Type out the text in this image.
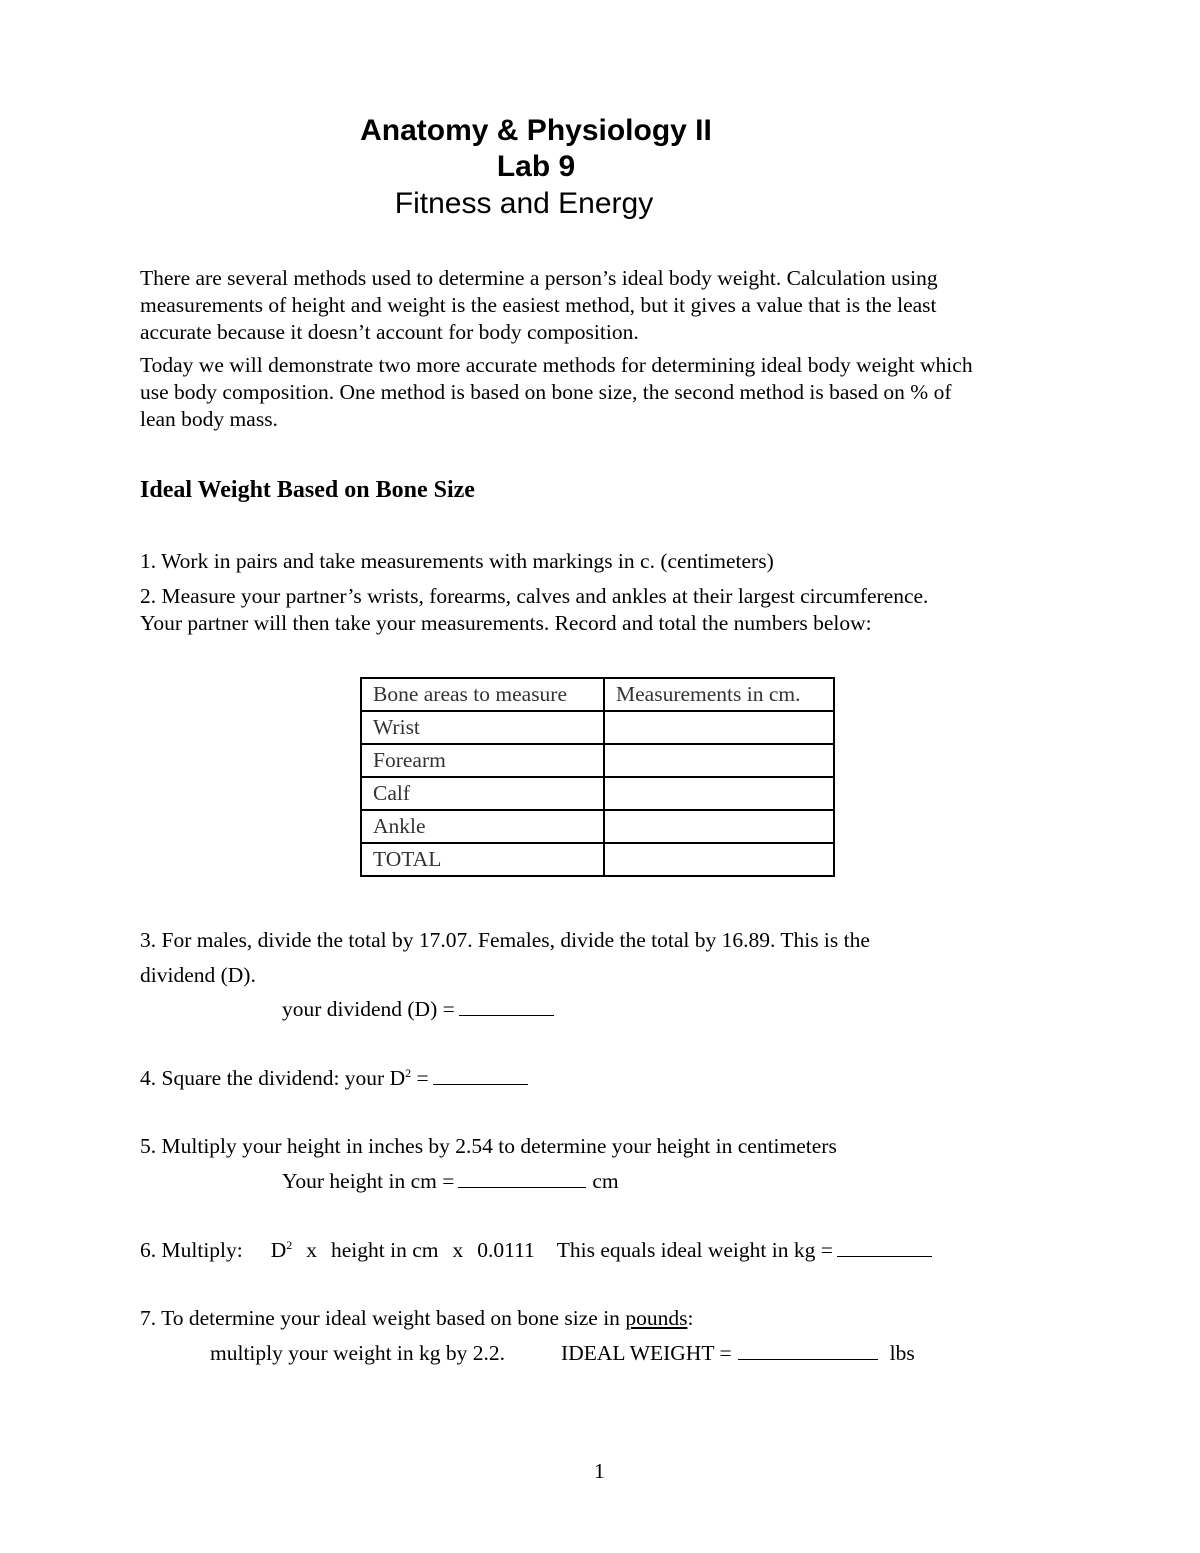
Anatomy & Physiology II
Lab 9
Fitness and Energy
There are several methods used to determine a person’s ideal body weight. Calculation using
measurements of height and weight is the easiest method, but it gives a value that is the least
accurate because it doesn’t account for body composition.
Today we will demonstrate two more accurate methods for determining ideal body weight which
use body composition. One method is based on bone size, the second method is based on % of
lean body mass.
Ideal Weight Based on Bone Size
1. Work in pairs and take measurements with markings in c. (centimeters)
2. Measure your partner’s wrists, forearms, calves and ankles at their largest circumference.
Your partner will then take your measurements. Record and total the numbers below:
Bone areas to measure	Measurements in cm.
Wrist	
Forearm	
Calf	
Ankle	
TOTAL	
3. For males, divide the total by 17.07. Females, divide the total by 16.89. This is the
dividend (D).
your dividend (D) =
4. Square the dividend: your $D^2$ =
5. Multiply your height in inches by 2.54 to determine your height in centimeters
Your height in cm =	cm
6. Multiply: $D^2$ x height in cm x 0.0111 This equals ideal weight in kg =
7. To determine your ideal weight based on bone size in pounds:
multiply your weight in kg by 2.2.	IDEAL WEIGHT =	lbs
1
